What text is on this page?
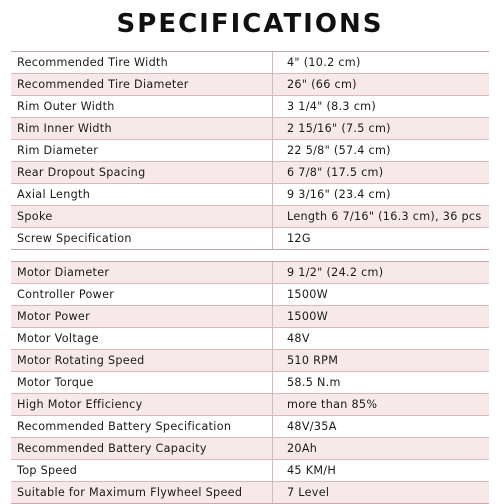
SPECIFICATIONS
Recommended Tire Width	4" (10.2 cm)
Recommended Tire Diameter	26" (66 cm)
Rim Outer Width	3 1/4" (8.3 cm)
Rim Inner Width	2 15/16" (7.5 cm)
Rim Diameter	22 5/8" (57.4 cm)
Rear Dropout Spacing	6 7/8" (17.5 cm)
Axial Length	9 3/16" (23.4 cm)
Spoke	Length 6 7/16" (16.3 cm), 36 pcs
Screw Specification	12G
Motor Diameter	9 1/2" (24.2 cm)
Controller Power	1500W
Motor Power	1500W
Motor Voltage	48V
Motor Rotating Speed	510 RPM
Motor Torque	58.5 N.m
High Motor Efficiency	more than 85%
Recommended Battery Specification	48V/35A
Recommended Battery Capacity	20Ah
Top Speed	45 KM/H
Suitable for Maximum Flywheel Speed	7 Level
